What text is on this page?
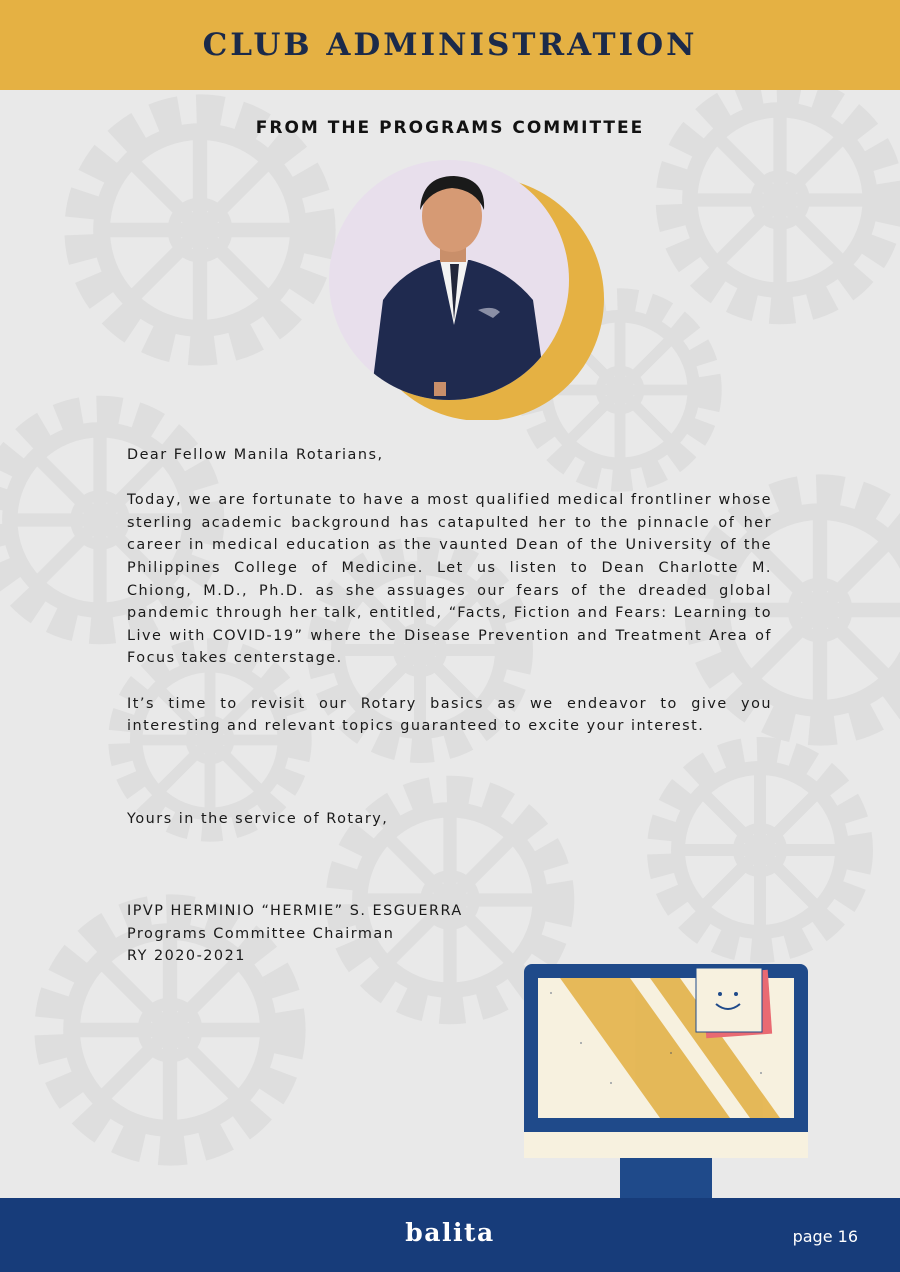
CLUB ADMINISTRATION
FROM THE PROGRAMS COMMITTEE

Dear Fellow Manila Rotarians,

Today, we are fortunate to have a most qualified medical frontliner whose sterling academic background has catapulted her to the pinnacle of her career in medical education as the vaunted Dean of the University of the Philippines College of Medicine. Let us listen to Dean Charlotte M. Chiong, M.D., Ph.D. as she assuages our fears of the dreaded global pandemic through her talk, entitled, “Facts, Fiction and Fears: Learning to Live with COVID-19” where the Disease Prevention and Treatment Area of Focus takes centerstage.

It’s time to revisit our Rotary basics as we endeavor to give you interesting and relevant topics guaranteed to excite your interest.

Yours in the service of Rotary,

IPVP HERMINIO “HERMIE” S. ESGUERRA
Programs Committee Chairman
RY 2020-2021
balita	page 16
